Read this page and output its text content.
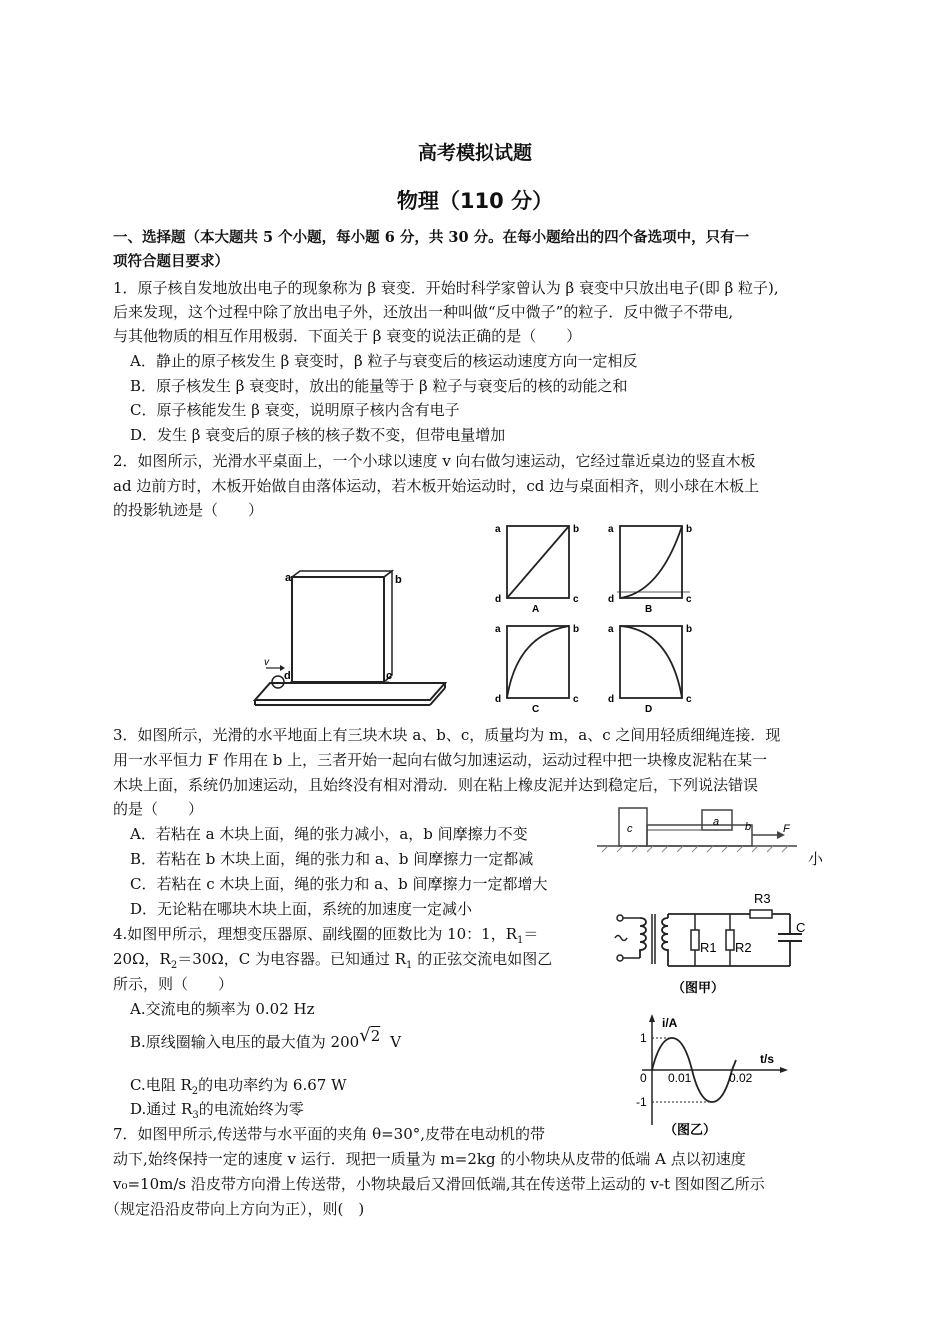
高考模拟试题
物理（110 分）
一、选择题（本大题共 5 个小题，每小题 6 分，共 30 分。在每小题给出的四个备选项中，只有一
项符合题目要求）
1．原子核自发地放出电子的现象称为 β 衰变．开始时科学家曾认为 β 衰变中只放出电子(即 β 粒子),
后来发现，这个过程中除了放出电子外，还放出一种叫做“反中微子”的粒子．反中微子不带电,
与其他物质的相互作用极弱．下面关于 β 衰变的说法正确的是（　　）
A．静止的原子核发生 β 衰变时，β 粒子与衰变后的核运动速度方向一定相反
B．原子核发生 β 衰变时，放出的能量等于 β 粒子与衰变后的核的动能之和
C．原子核能发生 β 衰变，说明原子核内含有电子
D．发生 β 衰变后的原子核的核子数不变，但带电量增加
2．如图所示，光滑水平桌面上，一个小球以速度 v 向右做匀速运动，它经过靠近桌边的竖直木板
ad 边前方时，木板开始做自由落体运动，若木板开始运动时，cd 边与桌面相齐，则小球在木板上
的投影轨迹是（　　）
a	b
c
d
v
a	b
d	c
A
a	b
d	c
B
a	b
d	c
C
a	b
d	c
D
3．如图所示，光滑的水平地面上有三块木块 a、b、c，质量均为 m，a、c 之间用轻质细绳连接．现
用一水平恒力 F 作用在 b 上，三者开始一起向右做匀加速运动，运动过程中把一块橡皮泥粘在某一
木块上面，系统仍加速运动，且始终没有相对滑动．则在粘上橡皮泥并达到稳定后，下列说法错误
的是（　　）
A．若粘在 a 木块上面，绳的张力减小，a，b 间摩擦力不变
B．若粘在 b 木块上面，绳的张力和 a、b 间摩擦力一定都减	小
C．若粘在 c 木块上面，绳的张力和 a、b 间摩擦力一定都增大
D．无论粘在哪块木块上面，系统的加速度一定减小
c
a b	F
4.如图甲所示，理想变压器原、副线圈的匝数比为 10：1，$R_1=$
20Ω，$R_2=30\Omega$，C 为电容器。已知通过 $R_1$ 的正弦交流电如图乙
所示，则（　　）
A.交流电的频率为 0.02 Hz
B.原线圈输入电压的最大值为 200√2 V
C.电阻 $R_2$的电功率约为 6.67 W
D.通过 $R_3$的电流始终为零
R1 R2
R3
C
（图甲）
i/A
t/s
1
-1
0 0.01	0.02
（图乙）
7．如图甲所示,传送带与水平面的夹角 θ=30°,皮带在电动机的带
动下,始终保持一定的速度 v 运行．现把一质量为 m=2kg 的小物块从皮带的低端 A 点以初速度
v₀=10m/s 沿皮带方向滑上传送带，小物块最后又滑回低端,其在传送带上运动的 v-t 图如图乙所示
（规定沿沿皮带向上方向为正），则(　)
